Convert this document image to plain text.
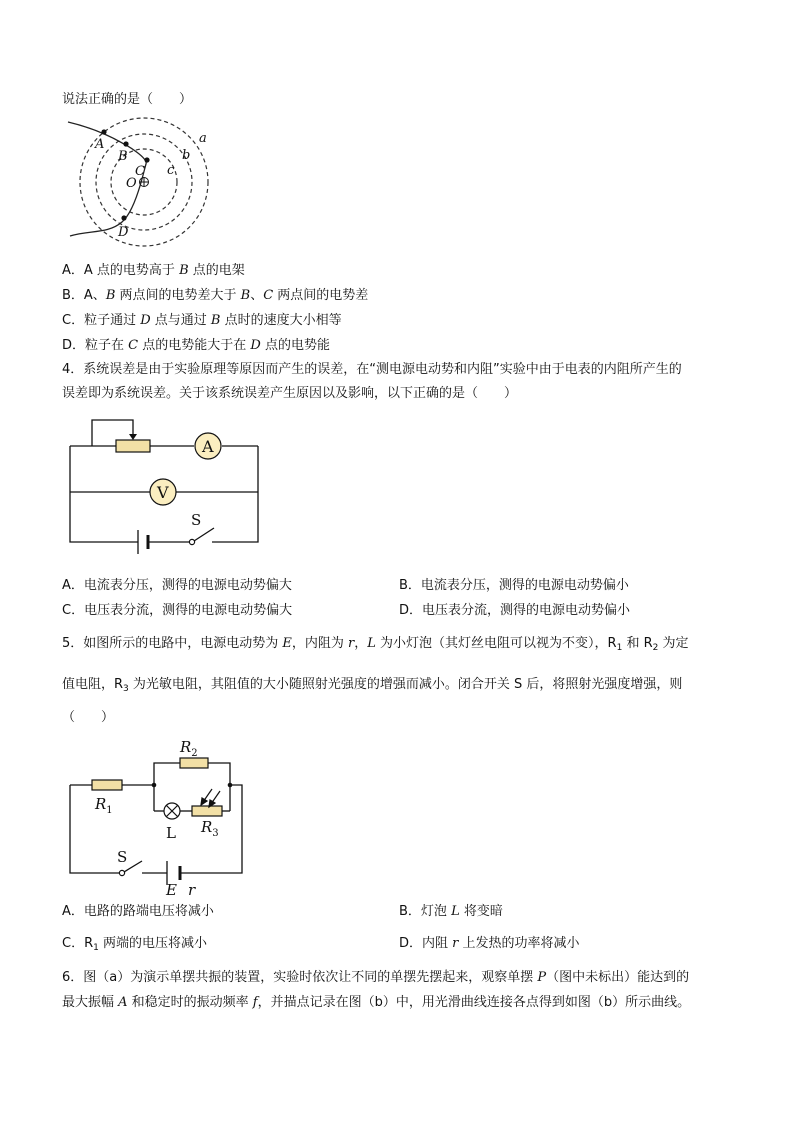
说法正确的是（　　）
A
B
C
O
D
a
b
c
A．A 点的电势高于 B 点的电架
B．A、B 两点间的电势差大于 B、C 两点间的电势差
C．粒子通过 D 点与通过 B 点时的速度大小相等
D．粒子在 C 点的电势能大于在 D 点的电势能
4．系统误差是由于实验原理等原因而产生的误差，在“测电源电动势和内阻”实验中由于电表的内阻所产生的
误差即为系统误差。关于该系统误差产生原因以及影响，以下正确的是（　　）
A
V
S
A．电流表分压，测得的电源电动势偏大	B．电流表分压，测得的电源电动势偏小
C．电压表分流，测得的电源电动势偏大	D．电压表分流，测得的电源电动势偏小
5．如图所示的电路中，电源电动势为 E，内阻为 r，L 为小灯泡（其灯丝电阻可以视为不变），$R_1$ 和 $R_2$ 为定
值电阻，$R_3$ 为光敏电阻，其阻值的大小随照射光强度的增强而减小。闭合开关 S 后，将照射光强度增强，则
（　　）
$R_2$
$R_1$
$R_3$
L
S
E r
A．电路的路端电压将减小	B．灯泡 L 将变暗
C．$R_1$ 两端的电压将减小	D．内阻 r 上发热的功率将减小
6．图（a）为演示单摆共振的装置，实验时依次让不同的单摆先摆起来，观察单摆 P（图中未标出）能达到的
最大振幅 A 和稳定时的振动频率 f，并描点记录在图（b）中，用光滑曲线连接各点得到如图（b）所示曲线。
